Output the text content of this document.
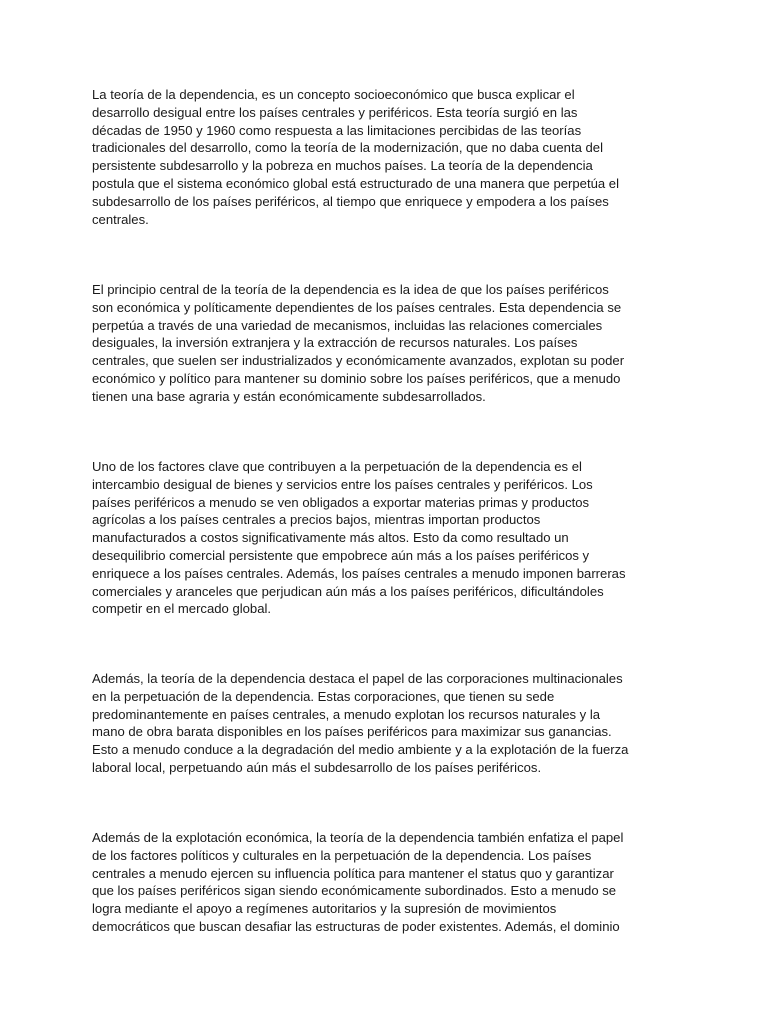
La teoría de la dependencia, es un concepto socioeconómico que busca explicar el
desarrollo desigual entre los países centrales y periféricos. Esta teoría surgió en las
décadas de 1950 y 1960 como respuesta a las limitaciones percibidas de las teorías
tradicionales del desarrollo, como la teoría de la modernización, que no daba cuenta del
persistente subdesarrollo y la pobreza en muchos países. La teoría de la dependencia
postula que el sistema económico global está estructurado de una manera que perpetúa el
subdesarrollo de los países periféricos, al tiempo que enriquece y empodera a los países
centrales.

El principio central de la teoría de la dependencia es la idea de que los países periféricos
son económica y políticamente dependientes de los países centrales. Esta dependencia se
perpetúa a través de una variedad de mecanismos, incluidas las relaciones comerciales
desiguales, la inversión extranjera y la extracción de recursos naturales. Los países
centrales, que suelen ser industrializados y económicamente avanzados, explotan su poder
económico y político para mantener su dominio sobre los países periféricos, que a menudo
tienen una base agraria y están económicamente subdesarrollados.

Uno de los factores clave que contribuyen a la perpetuación de la dependencia es el
intercambio desigual de bienes y servicios entre los países centrales y periféricos. Los
países periféricos a menudo se ven obligados a exportar materias primas y productos
agrícolas a los países centrales a precios bajos, mientras importan productos
manufacturados a costos significativamente más altos. Esto da como resultado un
desequilibrio comercial persistente que empobrece aún más a los países periféricos y
enriquece a los países centrales. Además, los países centrales a menudo imponen barreras
comerciales y aranceles que perjudican aún más a los países periféricos, dificultándoles
competir en el mercado global.

Además, la teoría de la dependencia destaca el papel de las corporaciones multinacionales
en la perpetuación de la dependencia. Estas corporaciones, que tienen su sede
predominantemente en países centrales, a menudo explotan los recursos naturales y la
mano de obra barata disponibles en los países periféricos para maximizar sus ganancias.
Esto a menudo conduce a la degradación del medio ambiente y a la explotación de la fuerza
laboral local, perpetuando aún más el subdesarrollo de los países periféricos.

Además de la explotación económica, la teoría de la dependencia también enfatiza el papel
de los factores políticos y culturales en la perpetuación de la dependencia. Los países
centrales a menudo ejercen su influencia política para mantener el status quo y garantizar
que los países periféricos sigan siendo económicamente subordinados. Esto a menudo se
logra mediante el apoyo a regímenes autoritarios y la supresión de movimientos
democráticos que buscan desafiar las estructuras de poder existentes. Además, el dominio
